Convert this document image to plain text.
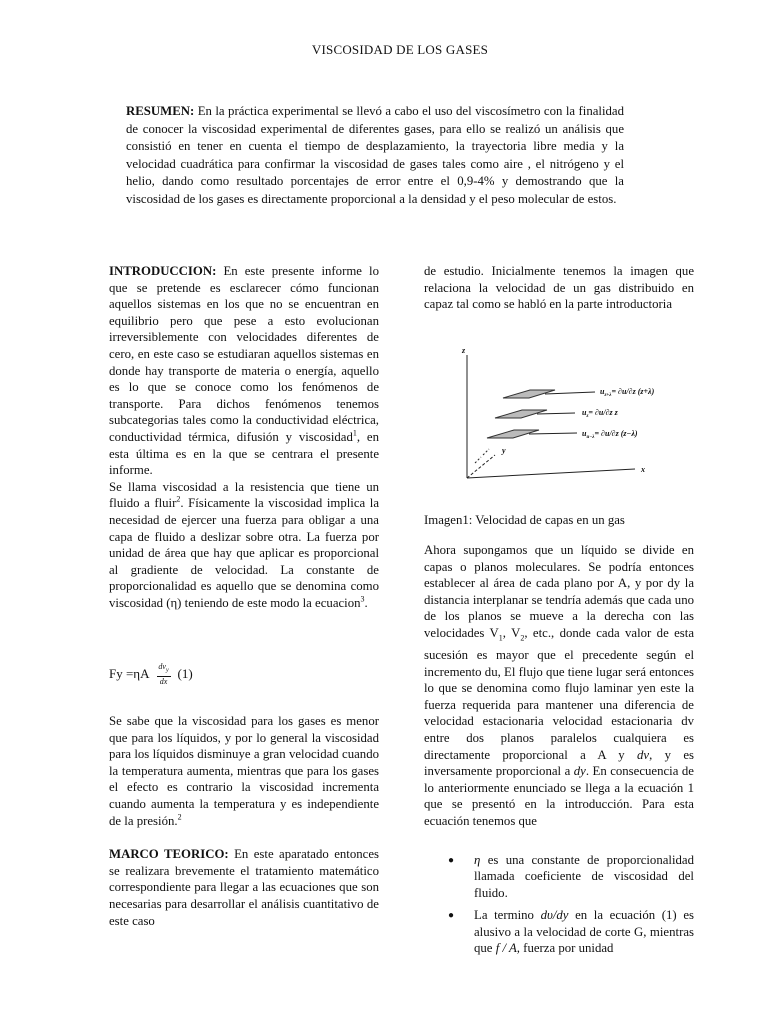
VISCOSIDAD DE LOS GASES
RESUMEN: En la práctica experimental se llevó a cabo el uso del viscosímetro con la finalidad de conocer la viscosidad experimental de diferentes gases, para ello se realizó un análisis que consistió en tener en cuenta el tiempo de desplazamiento, la trayectoria libre media y la velocidad cuadrática para confirmar la viscosidad de gases tales como aire , el nitrógeno y el helio, dando como resultado porcentajes de error entre el 0,9-4% y demostrando que la viscosidad de los gases es directamente proporcional a la densidad y el peso molecular de estos.

INTRODUCCION: En este presente informe lo que se pretende es esclarecer cómo funcionan aquellos sistemas en los que no se encuentran en equilibrio pero que pese a esto evolucionan irreversiblemente con velocidades diferentes de cero, en este caso se estudiaran aquellos sistemas en donde hay transporte de materia o energía, aquello es lo que se conoce como los fenómenos de transporte. Para dichos fenómenos tenemos subcategorias tales como la conductividad eléctrica, conductividad térmica, difusión y viscosidad$^1$, en esta última es en la que se centrara el presente informe.

Se llama viscosidad a la resistencia que tiene un fluido a fluir$^2$. Físicamente la viscosidad implica la necesidad de ejercer una fuerza para obligar a una capa de fluido a deslizar sobre otra. La fuerza por unidad de área que hay que aplicar es proporcional al gradiente de velocidad. La constante de proporcionalidad es aquello que se denomina como viscosidad (η) teniendo de este modo la ecuacion$^3$.

$Fy =\eta A \frac{dv_y}{dx} (1)$

Se sabe que la viscosidad para los gases es menor que para los líquidos, y por lo general la viscosidad para los líquidos disminuye a gran velocidad cuando la temperatura aumenta, mientras que para los gases el efecto es contrario la viscosidad incrementa cuando aumenta la temperatura y es independiente de la presión.$^2$

MARCO TEORICO: En este aparatado entonces se realizara brevemente el tratamiento matemático correspondiente para llegar a las ecuaciones que son necesarias para desarrollar el análisis cuantitativo de este caso

de estudio. Inicialmente tenemos la imagen que relaciona la velocidad de un gas distribuido en capaz tal como se habló en la parte introductoria

z
y
x
$u_{z+\lambda}= \partial u/\partial z$ (z+λ)
$u_z= \partial u/\partial z$ z
$u_{u-\lambda}= \partial u/\partial z$ (z−λ)
Imagen1: Velocidad de capas en un gas

Ahora supongamos que un líquido se divide en capas o planos moleculares. Se podría entonces establecer al área de cada plano por A, y por dy la distancia interplanar se tendría además que cada uno de los planos se mueve a la derecha con las velocidades $V_1$, $V_2$, etc., donde cada valor de esta sucesión es mayor que el precedente según el incremento du, El flujo que tiene lugar será entonces lo que se denomina como flujo laminar yen este la fuerza requerida para mantener una diferencia de velocidad estacionaria velocidad estacionaria dv entre dos planos paralelos cualquiera es directamente proporcional a A y dv, y es inversamente proporcional a dy. En consecuencia de lo anteriormente enunciado se llega a la ecuación 1 que se presentó en la introducción. Para esta ecuación tenemos que

●	η es una constante de proporcionalidad llamada coeficiente de viscosidad del fluido.
●	La termino dυ/dy en la ecuación (1) es alusivo a la velocidad de corte G, mientras que f / A, fuerza por unidad
